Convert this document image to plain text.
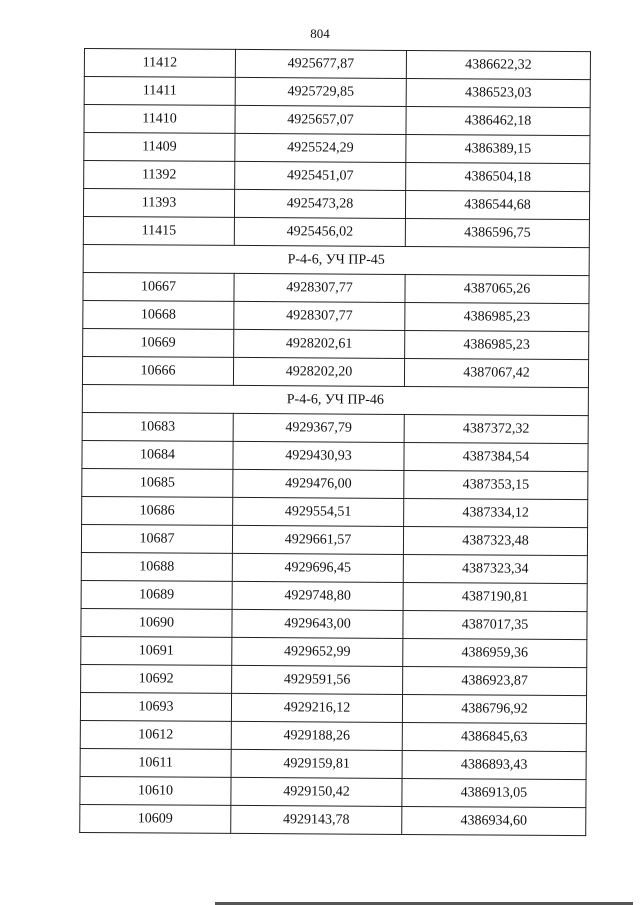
804
11412	4925677,87	4386622,32
11411	4925729,85	4386523,03
11410	4925657,07	4386462,18
11409	4925524,29	4386389,15
11392	4925451,07	4386504,18
11393	4925473,28	4386544,68
11415	4925456,02	4386596,75
Р-4-6, УЧ ПР-45		
10667	4928307,77	4387065,26
10668	4928307,77	4386985,23
10669	4928202,61	4386985,23
10666	4928202,20	4387067,42
Р-4-6, УЧ ПР-46		
10683	4929367,79	4387372,32
10684	4929430,93	4387384,54
10685	4929476,00	4387353,15
10686	4929554,51	4387334,12
10687	4929661,57	4387323,48
10688	4929696,45	4387323,34
10689	4929748,80	4387190,81
10690	4929643,00	4387017,35
10691	4929652,99	4386959,36
10692	4929591,56	4386923,87
10693	4929216,12	4386796,92
10612	4929188,26	4386845,63
10611	4929159,81	4386893,43
10610	4929150,42	4386913,05
10609	4929143,78	4386934,60
